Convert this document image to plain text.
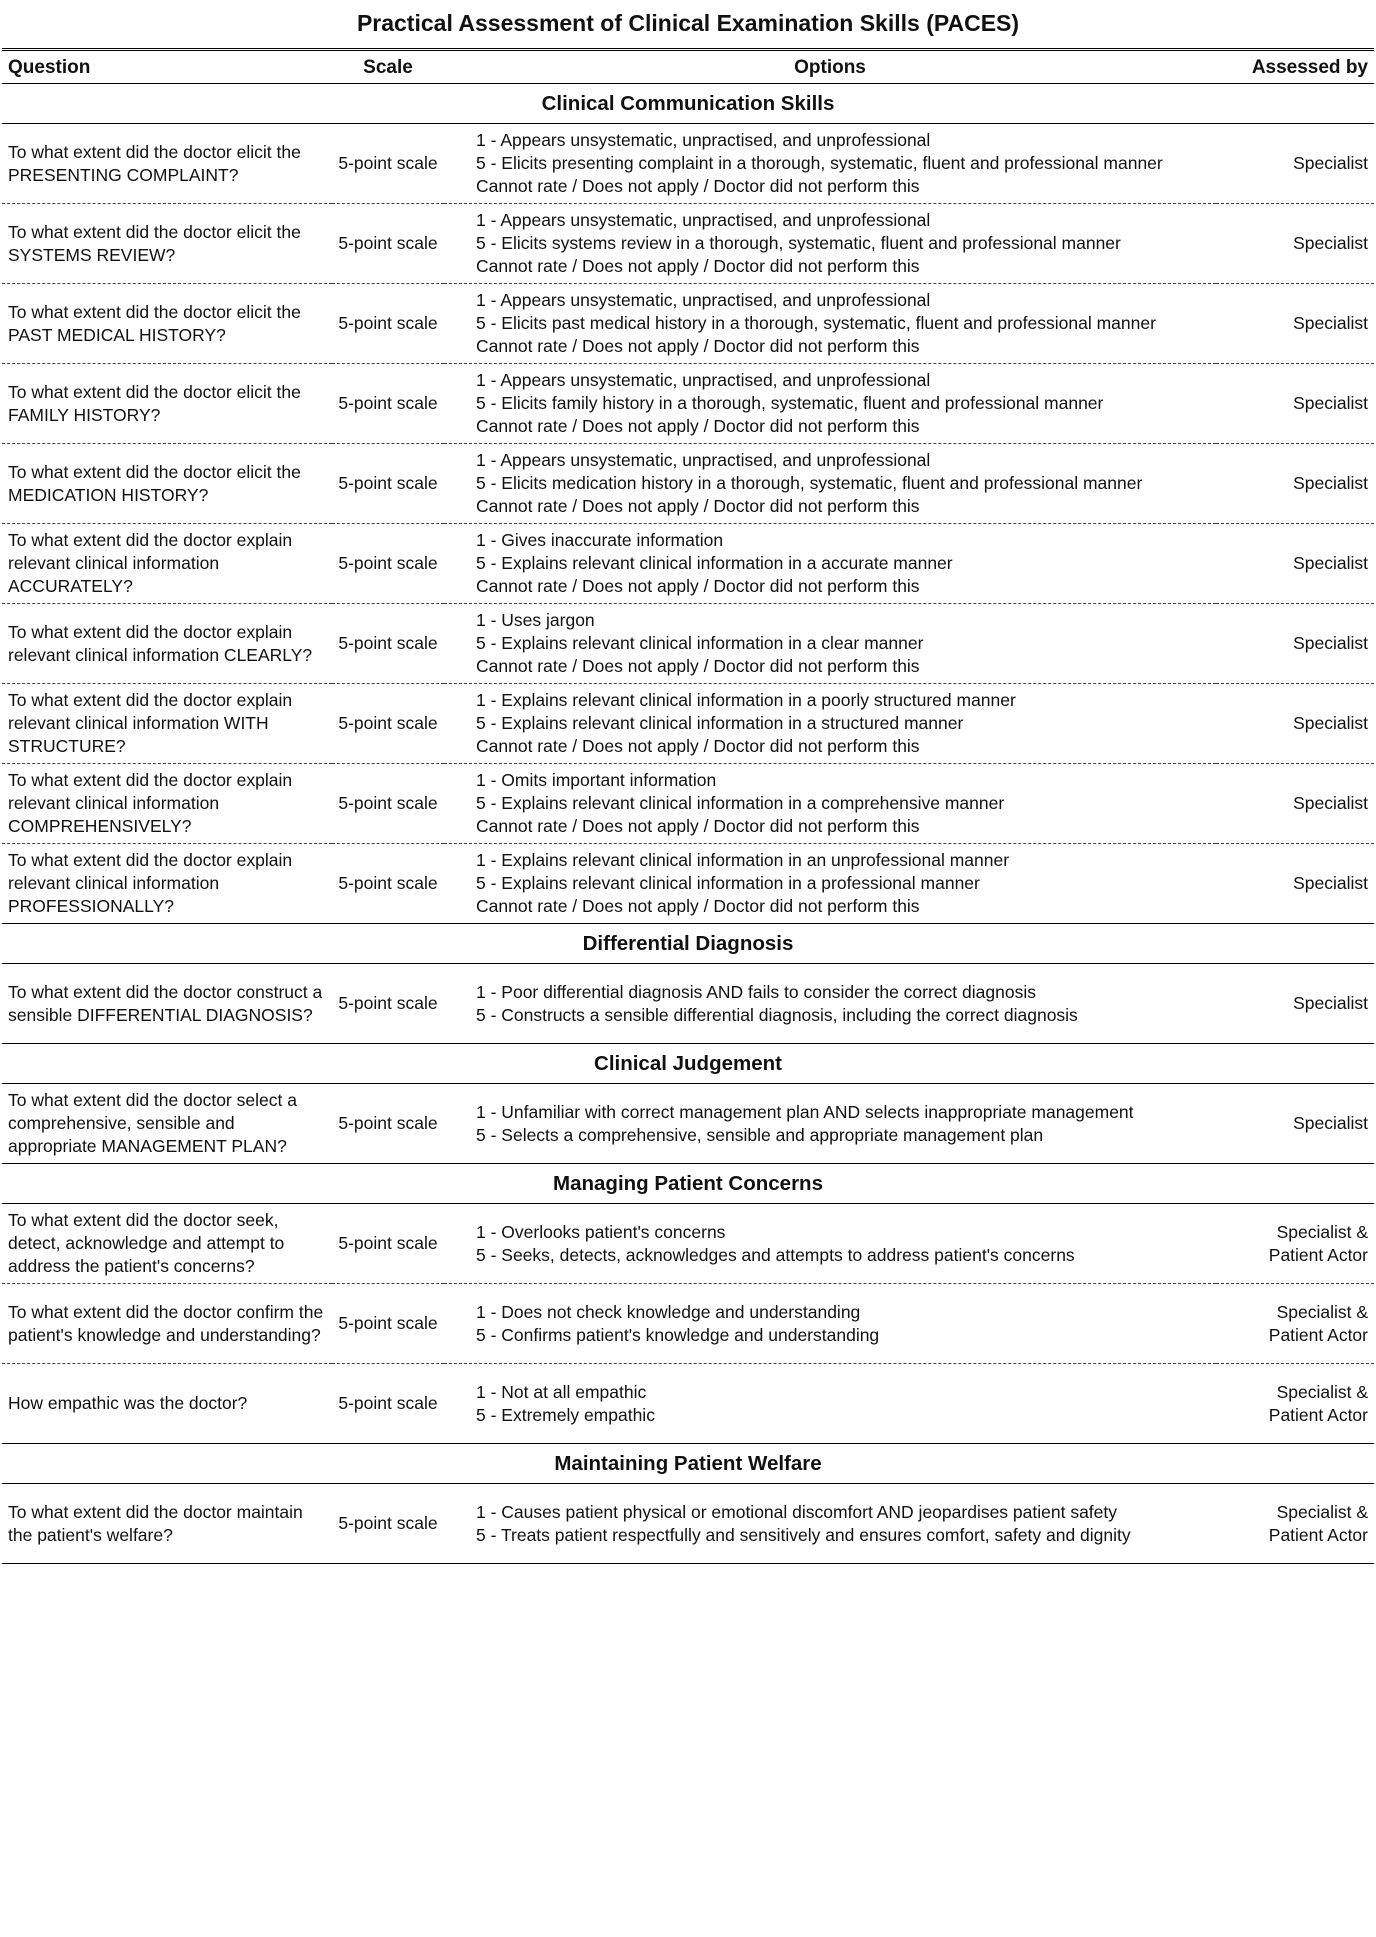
Practical Assessment of Clinical Examination Skills (PACES)
Question	Scale	Options	Assessed by
Clinical Communication Skills			
To what extent did the doctor elicit the PRESENTING COMPLAINT?	5-point scale	1 - Appears unsystematic, unpractised, and unprofessional
5 - Elicits presenting complaint in a thorough, systematic, fluent and professional manner
Cannot rate / Does not apply / Doctor did not perform this	Specialist
To what extent did the doctor elicit the SYSTEMS REVIEW?	5-point scale	1 - Appears unsystematic, unpractised, and unprofessional
5 - Elicits systems review in a thorough, systematic, fluent and professional manner
Cannot rate / Does not apply / Doctor did not perform this	Specialist
To what extent did the doctor elicit the PAST MEDICAL HISTORY?	5-point scale	1 - Appears unsystematic, unpractised, and unprofessional
5 - Elicits past medical history in a thorough, systematic, fluent and professional manner
Cannot rate / Does not apply / Doctor did not perform this	Specialist
To what extent did the doctor elicit the FAMILY HISTORY?	5-point scale	1 - Appears unsystematic, unpractised, and unprofessional
5 - Elicits family history in a thorough, systematic, fluent and professional manner
Cannot rate / Does not apply / Doctor did not perform this	Specialist
To what extent did the doctor elicit the MEDICATION HISTORY?	5-point scale	1 - Appears unsystematic, unpractised, and unprofessional
5 - Elicits medication history in a thorough, systematic, fluent and professional manner
Cannot rate / Does not apply / Doctor did not perform this	Specialist
To what extent did the doctor explain relevant clinical information ACCURATELY?	5-point scale	1 - Gives inaccurate information
5 - Explains relevant clinical information in a accurate manner
Cannot rate / Does not apply / Doctor did not perform this	Specialist
To what extent did the doctor explain relevant clinical information CLEARLY?	5-point scale	1 - Uses jargon
5 - Explains relevant clinical information in a clear manner
Cannot rate / Does not apply / Doctor did not perform this	Specialist
To what extent did the doctor explain relevant clinical information WITH STRUCTURE?	5-point scale	1 - Explains relevant clinical information in a poorly structured manner
5 - Explains relevant clinical information in a structured manner
Cannot rate / Does not apply / Doctor did not perform this	Specialist
To what extent did the doctor explain relevant clinical information COMPREHENSIVELY?	5-point scale	1 - Omits important information
5 - Explains relevant clinical information in a comprehensive manner
Cannot rate / Does not apply / Doctor did not perform this	Specialist
To what extent did the doctor explain relevant clinical information PROFESSIONALLY?	5-point scale	1 - Explains relevant clinical information in an unprofessional manner
5 - Explains relevant clinical information in a professional manner
Cannot rate / Does not apply / Doctor did not perform this	Specialist
Differential Diagnosis			
To what extent did the doctor construct a sensible DIFFERENTIAL DIAGNOSIS?	5-point scale	1 - Poor differential diagnosis AND fails to consider the correct diagnosis
5 - Constructs a sensible differential diagnosis, including the correct diagnosis	Specialist
Clinical Judgement			
To what extent did the doctor select a comprehensive, sensible and appropriate MANAGEMENT PLAN?	5-point scale	1 - Unfamiliar with correct management plan AND selects inappropriate management
5 - Selects a comprehensive, sensible and appropriate management plan	Specialist
Managing Patient Concerns			
To what extent did the doctor seek, detect, acknowledge and attempt to address the patient's concerns?	5-point scale	1 - Overlooks patient's concerns
5 - Seeks, detects, acknowledges and attempts to address patient's concerns	Specialist & Patient Actor
To what extent did the doctor confirm the patient's knowledge and understanding?	5-point scale	1 - Does not check knowledge and understanding
5 - Confirms patient's knowledge and understanding	Specialist & Patient Actor
How empathic was the doctor?	5-point scale	1 - Not at all empathic
5 - Extremely empathic	Specialist & Patient Actor
Maintaining Patient Welfare			
To what extent did the doctor maintain the patient's welfare?	5-point scale	1 - Causes patient physical or emotional discomfort AND jeopardises patient safety
5 - Treats patient respectfully and sensitively and ensures comfort, safety and dignity	Specialist & Patient Actor
